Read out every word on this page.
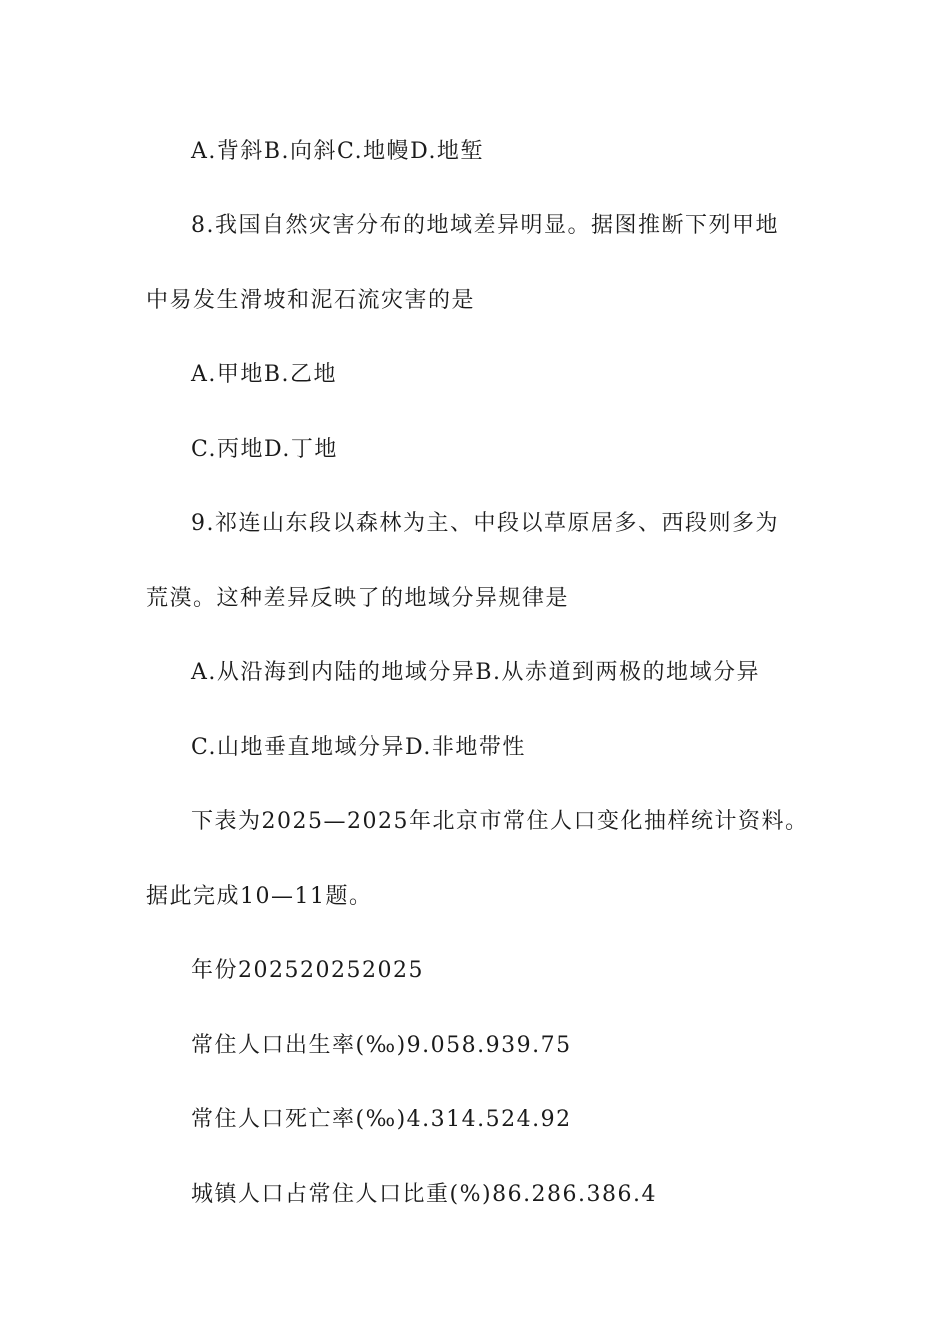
A.背斜B.向斜C.地幔D.地堑

8.我国自然灾害分布的地域差异明显。据图推断下列甲地

中易发生滑坡和泥石流灾害的是

A.甲地B.乙地

C.丙地D.丁地

9.祁连山东段以森林为主、中段以草原居多、西段则多为

荒漠。这种差异反映了的地域分异规律是

A.从沿海到内陆的地域分异B.从赤道到两极的地域分异

C.山地垂直地域分异D.非地带性

下表为2025—2025年北京市常住人口变化抽样统计资料。

据此完成10—11题。

年份202520252025

常住人口出生率(‰)9.058.939.75

常住人口死亡率(‰)4.314.524.92

城镇人口占常住人口比重(%)86.286.386.4
